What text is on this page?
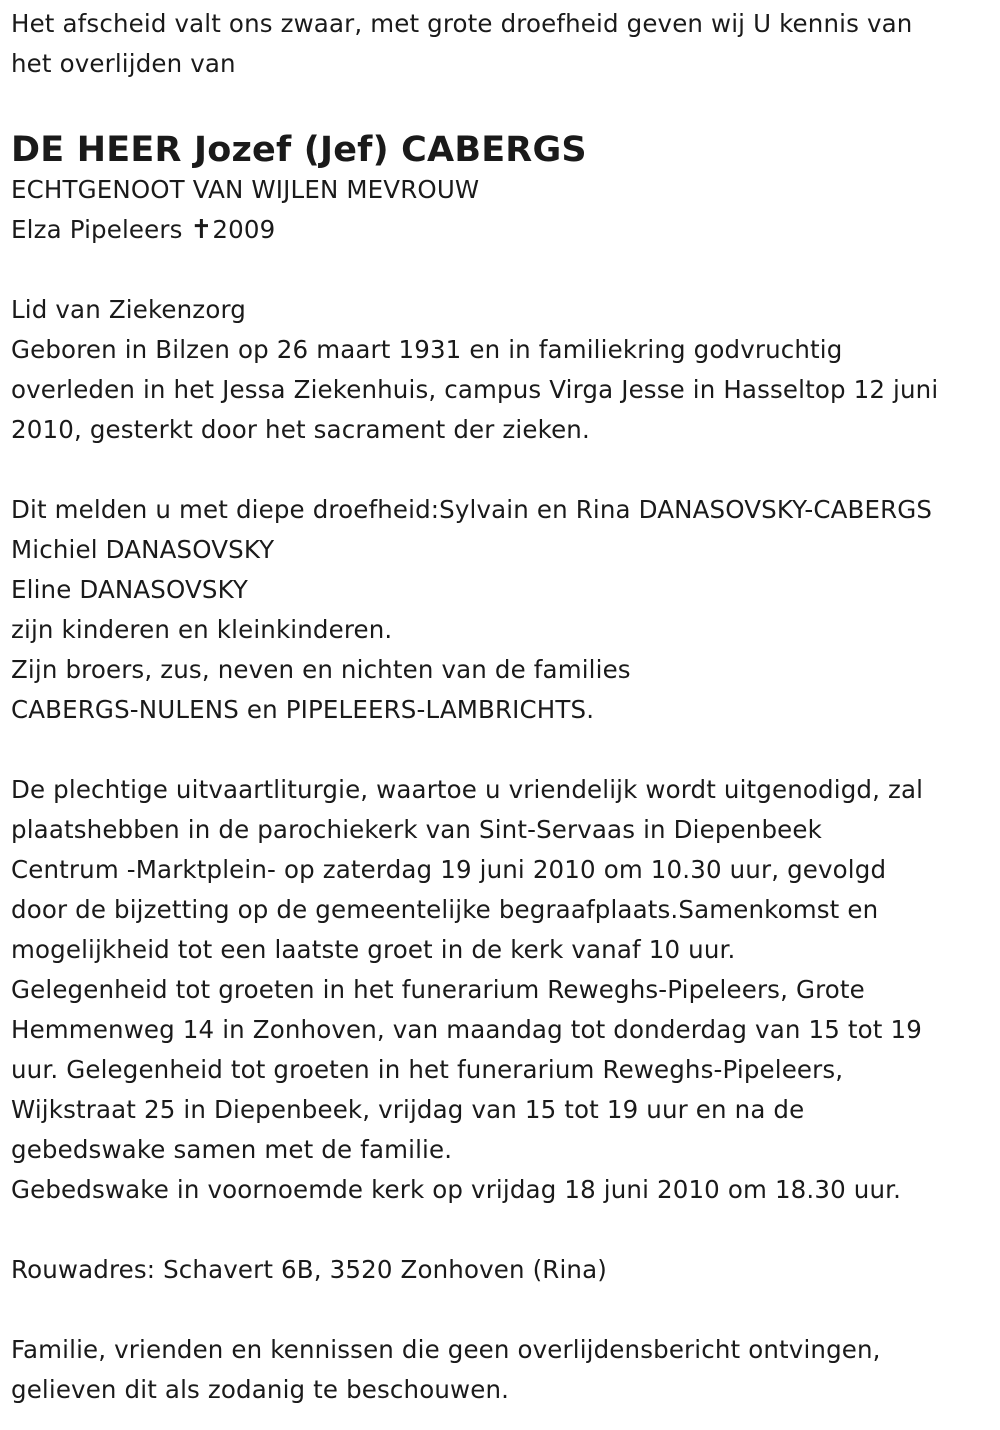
Het afscheid valt ons zwaar, met grote droefheid geven wij U kennis van
het overlijden van
DE HEER Jozef (Jef) CABERGS
ECHTGENOOT VAN WIJLEN MEVROUW
Elza Pipeleers ✝2009
Lid van Ziekenzorg
Geboren in Bilzen op 26 maart 1931 en in familiekring godvruchtig
overleden in het Jessa Ziekenhuis, campus Virga Jesse in Hasseltop 12 juni
2010, gesterkt door het sacrament der zieken.
Dit melden u met diepe droefheid:Sylvain en Rina DANASOVSKY-CABERGS
Michiel DANASOVSKY
Eline DANASOVSKY
zijn kinderen en kleinkinderen.
Zijn broers, zus, neven en nichten van de families
CABERGS-NULENS en PIPELEERS-LAMBRICHTS.
De plechtige uitvaartliturgie, waartoe u vriendelijk wordt uitgenodigd, zal
plaatshebben in de parochiekerk van Sint-Servaas in Diepenbeek
Centrum -Marktplein- op zaterdag 19 juni 2010 om 10.30 uur, gevolgd
door de bijzetting op de gemeentelijke begraafplaats.Samenkomst en
mogelijkheid tot een laatste groet in de kerk vanaf 10 uur.
Gelegenheid tot groeten in het funerarium Reweghs-Pipeleers, Grote
Hemmenweg 14 in Zonhoven, van maandag tot donderdag van 15 tot 19
uur. Gelegenheid tot groeten in het funerarium Reweghs-Pipeleers,
Wijkstraat 25 in Diepenbeek, vrijdag van 15 tot 19 uur en na de
gebedswake samen met de familie.
Gebedswake in voornoemde kerk op vrijdag 18 juni 2010 om 18.30 uur.
Rouwadres: Schavert 6B, 3520 Zonhoven (Rina)
Familie, vrienden en kennissen die geen overlijdensbericht ontvingen,
gelieven dit als zodanig te beschouwen.
